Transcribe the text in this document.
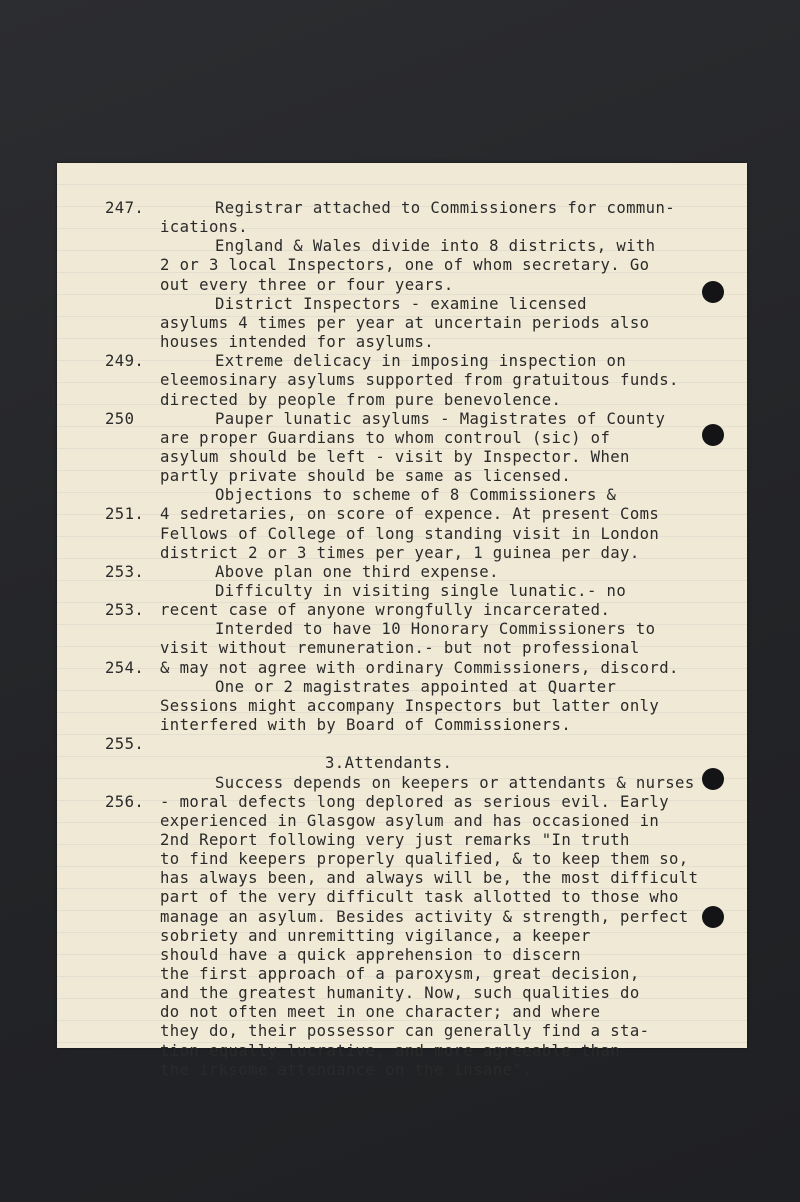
the irksome attendance on the insane".
tion equally lucrative, and more agreeable than
they do, their possessor can generally find a sta-
do not often meet in one character; and where
and the greatest humanity. Now, such qualities do
the first approach of a paroxysm, great decision,
should have a quick apprehension to discern
sobriety and unremitting vigilance, a keeper
manage an asylum. Besides activity & strength, perfect
part of the very difficult task allotted to those who
has always been, and always will be, the most difficult
to find keepers properly qualified, & to keep them so,
2nd Report following very just remarks "In truth
experienced in Glasgow asylum and has occasioned in
256.	- moral defects long deplored as serious evil. Early
Success depends on keepers or attendants & nurses
3.Attendants.
255.
interfered with by Board of Commissioners.
Sessions might accompany Inspectors but latter only
One or 2 magistrates appointed at Quarter
254.	& may not agree with ordinary Commissioners, discord.
visit without remuneration.- but not professional
Interded to have 10 Honorary Commissioners to
253.	recent case of anyone wrongfully incarcerated.
Difficulty in visiting single lunatic.- no
253.	Above plan one third expense.
district 2 or 3 times per year, 1 guinea per day.
Fellows of College of long standing visit in London
251.	4 sedretaries, on score of expence. At present Coms
Objections to scheme of 8 Commissioners &
partly private should be same as licensed.
asylum should be left - visit by Inspector. When
are proper Guardians to whom controul (sic) of
250	Pauper lunatic asylums - Magistrates of County
directed by people from pure benevolence.
eleemosinary asylums supported from gratuitous funds.
249.	Extreme delicacy in imposing inspection on
houses intended for asylums.
asylums 4 times per year at uncertain periods also
District Inspectors - examine licensed
out every three or four years.
2 or 3 local Inspectors, one of whom secretary. Go
England & Wales divide into 8 districts, with
ications.
247.	Registrar attached to Commissioners for commun-
